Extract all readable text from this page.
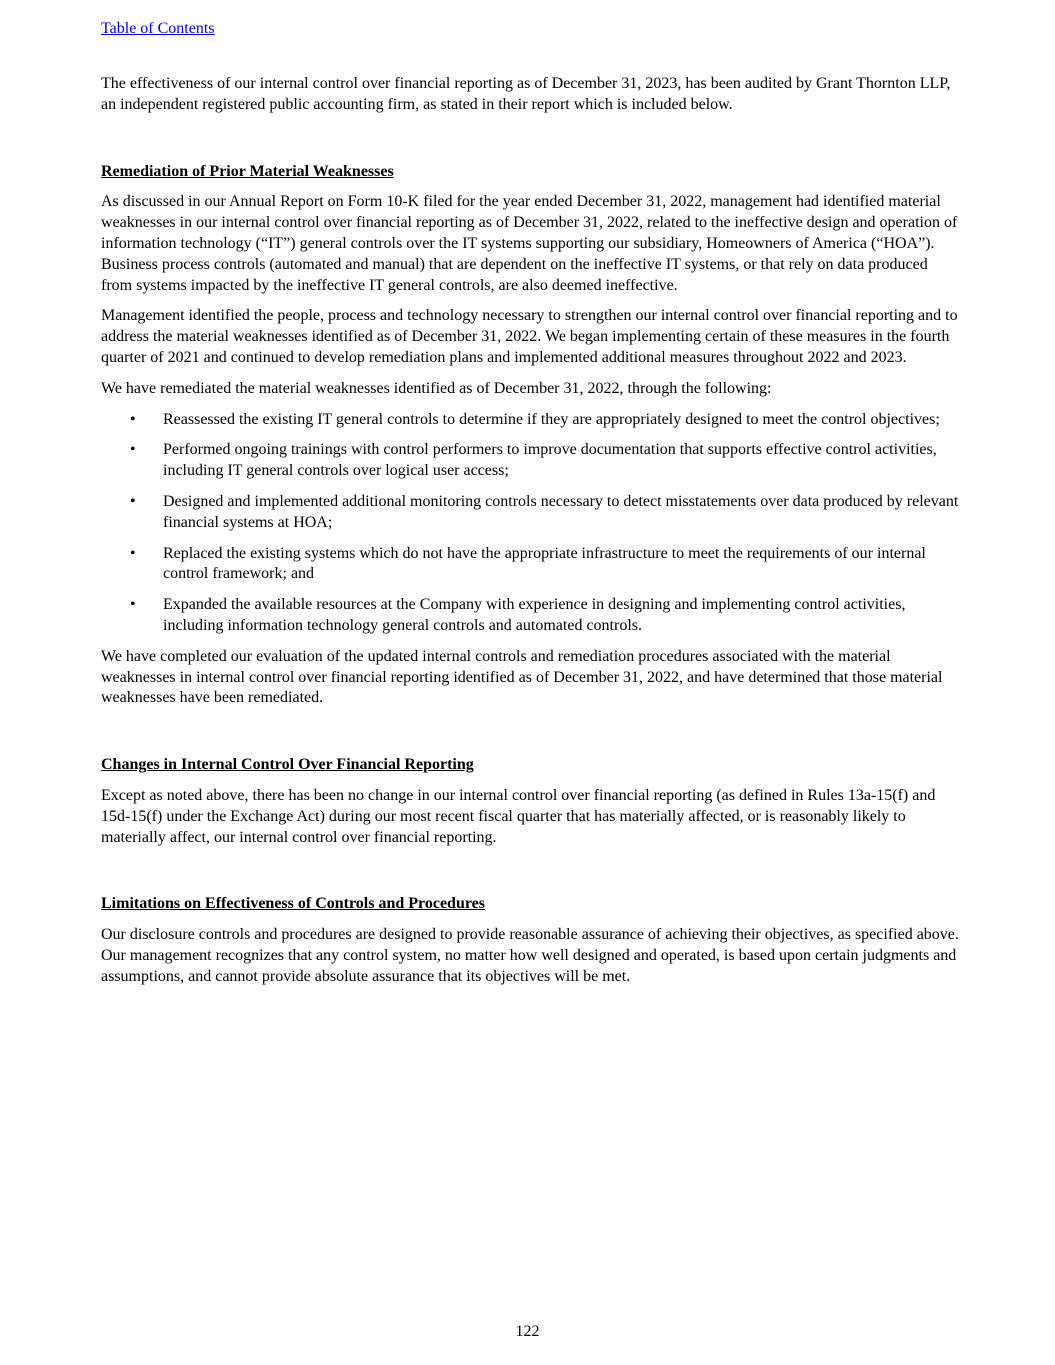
Table of Contents

The effectiveness of our internal control over financial reporting as of December 31, 2023, has been audited by Grant Thornton LLP, an independent registered public accounting firm, as stated in their report which is included below.

Remediation of Prior Material Weaknesses

As discussed in our Annual Report on Form 10-K filed for the year ended December 31, 2022, management had identified material weaknesses in our internal control over financial reporting as of December 31, 2022, related to the ineffective design and operation of information technology (“IT”) general controls over the IT systems supporting our subsidiary, Homeowners of America (“HOA”). Business process controls (automated and manual) that are dependent on the ineffective IT systems, or that rely on data produced from systems impacted by the ineffective IT general controls, are also deemed ineffective.

Management identified the people, process and technology necessary to strengthen our internal control over financial reporting and to address the material weaknesses identified as of December 31, 2022. We began implementing certain of these measures in the fourth quarter of 2021 and continued to develop remediation plans and implemented additional measures throughout 2022 and 2023.

We have remediated the material weaknesses identified as of December 31, 2022, through the following:

• Reassessed the existing IT general controls to determine if they are appropriately designed to meet the control objectives;
• Performed ongoing trainings with control performers to improve documentation that supports effective control activities, including IT general controls over logical user access;
• Designed and implemented additional monitoring controls necessary to detect misstatements over data produced by relevant financial systems at HOA;
• Replaced the existing systems which do not have the appropriate infrastructure to meet the requirements of our internal control framework; and
• Expanded the available resources at the Company with experience in designing and implementing control activities, including information technology general controls and automated controls.

We have completed our evaluation of the updated internal controls and remediation procedures associated with the material weaknesses in internal control over financial reporting identified as of December 31, 2022, and have determined that those material weaknesses have been remediated.

Changes in Internal Control Over Financial Reporting

Except as noted above, there has been no change in our internal control over financial reporting (as defined in Rules 13a-15(f) and 15d-15(f) under the Exchange Act) during our most recent fiscal quarter that has materially affected, or is reasonably likely to materially affect, our internal control over financial reporting.

Limitations on Effectiveness of Controls and Procedures

Our disclosure controls and procedures are designed to provide reasonable assurance of achieving their objectives, as specified above. Our management recognizes that any control system, no matter how well designed and operated, is based upon certain judgments and assumptions, and cannot provide absolute assurance that its objectives will be met.

122
